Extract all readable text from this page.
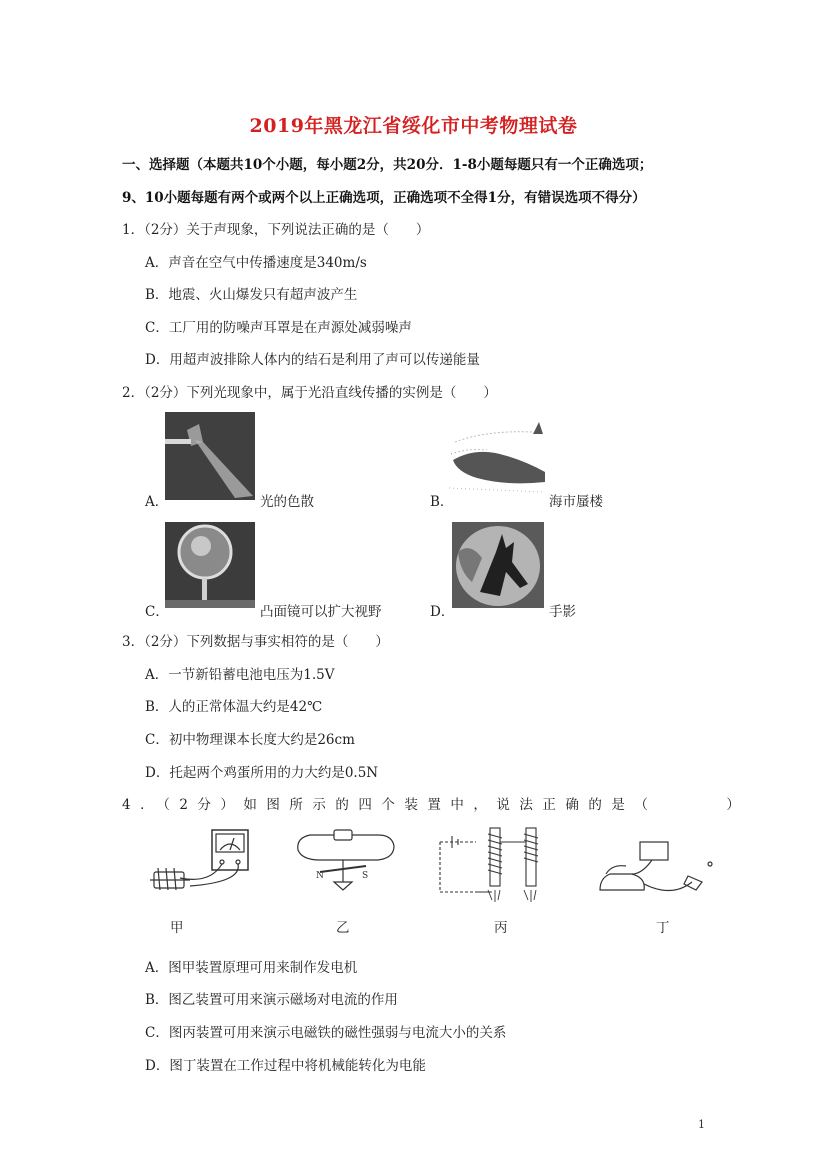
2019年黑龙江省绥化市中考物理试卷
一、选择题（本题共10个小题，每小题2分，共20分．1-8小题每题只有一个正确选项；
9、10小题每题有两个或两个以上正确选项，正确选项不全得1分，有错误选项不得分）
1．（2分）关于声现象，下列说法正确的是（　　）
A．声音在空气中传播速度是340m/s
B．地震、火山爆发只有超声波产生
C．工厂用的防噪声耳罩是在声源处减弱噪声
D．用超声波排除人体内的结石是利用了声可以传递能量
2．（2分）下列光现象中，属于光沿直线传播的实例是（　　）
A．	光的色散	B．	海市蜃楼
C．	凸面镜可以扩大视野	D．	手影
3．（2分）下列数据与事实相符的是（　　）
A．一节新铅蓄电池电压为1.5V
B．人的正常体温大约是42℃
C．初中物理课本长度大约是26cm
D．托起两个鸡蛋所用的力大约是0.5N
4．（2分）如图所示的四个装置中，说法正确的是（　　　）
甲
N	S
乙	丙	丁
A．图甲装置原理可用来制作发电机
B．图乙装置可用来演示磁场对电流的作用
C．图丙装置可用来演示电磁铁的磁性强弱与电流大小的关系
D．图丁装置在工作过程中将机械能转化为电能
1
